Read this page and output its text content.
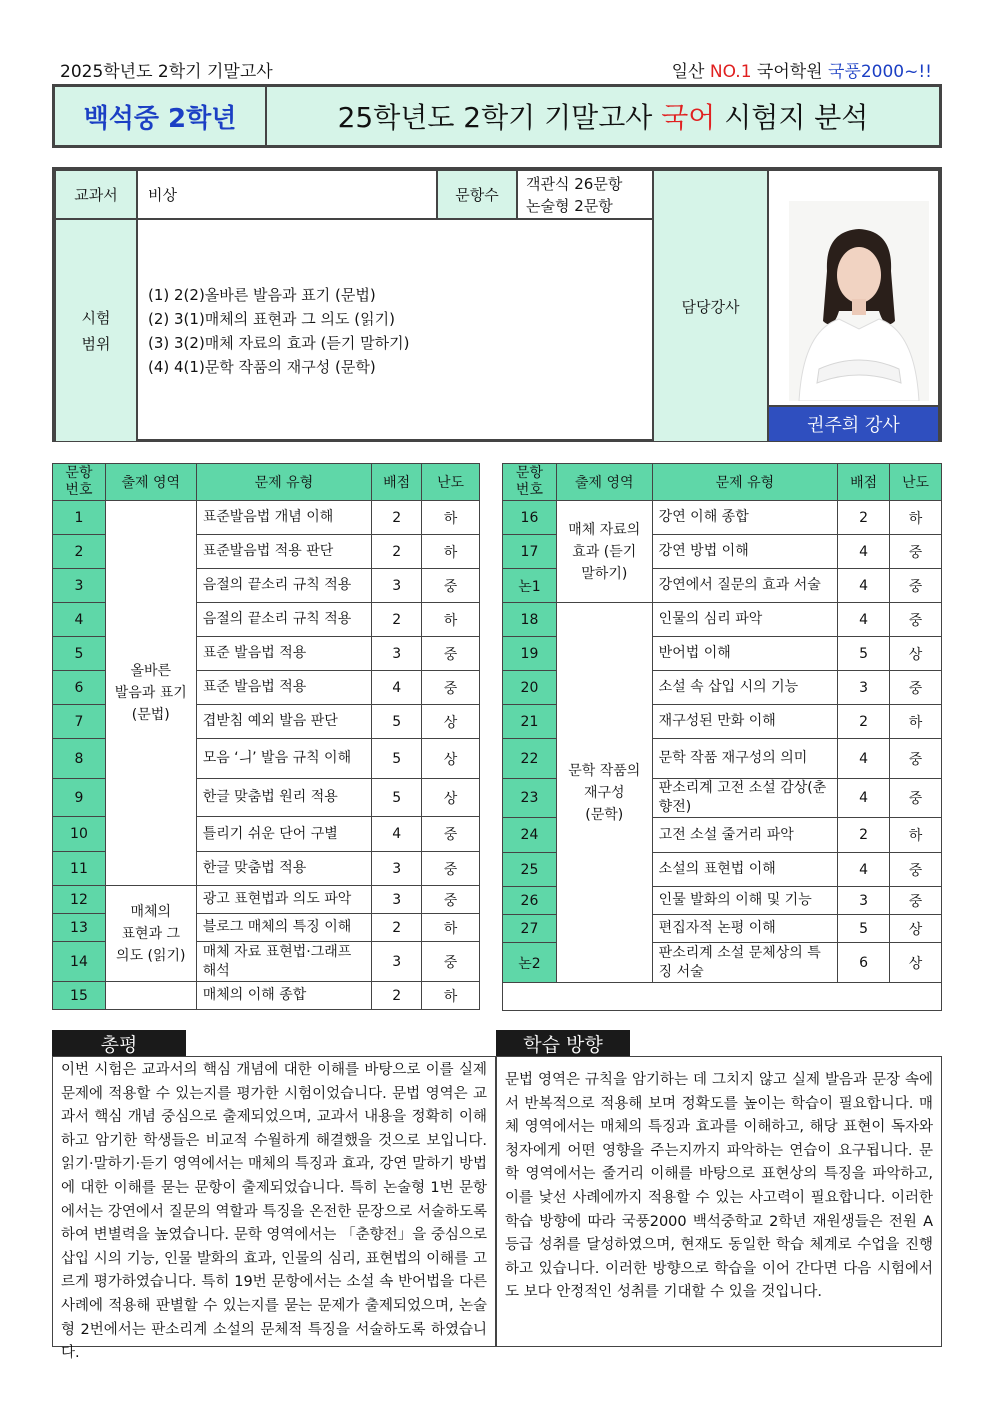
2025학년도 2학기 기말고사	일산 NO.1 국어학원 국풍2000~!!
백석중 2학년	25학년도 2학기 기말고사
국어
시험지 분석
교과서	비상	문항수
객관식 26문항
논술형 2문항
시험
범위
(1) 2(2)올바른 발음과 표기 (문법)
(2) 3(1)매체의 표현과 그 의도 (읽기)
(3) 3(2)매체 자료의 효과 (듣기 말하기)
(4) 4(1)문학 작품의 재구성 (문학)
담당강사
권주희 강사
문항
번호	출제 영역	문제 유형	배점	난도
1	올바른
발음과 표기
(문법)	표준발음법 개념 이해	2	하
2		표준발음법 적용 판단	2	하
3		음절의 끝소리 규칙 적용	3	중
4		음절의 끝소리 규칙 적용	2	하
5		표준 발음법 적용	3	중
6		표준 발음법 적용	4	중
7		겹받침 예외 발음 판단	5	상
8		모음 ‘ㅢ’ 발음 규칙 이해	5	상
9		한글 맞춤법 원리 적용	5	상
10		틀리기 쉬운 단어 구별	4	중
11		한글 맞춤법 적용	3	중
12	매체의
표현과 그
의도 (읽기)	광고 표현법과 의도 파악	3	중
13		블로그 매체의 특징 이해	2	하
14		매체 자료 표현법·그래프 해석	3	중
15		매체의 이해 종합	2	하
문항
번호	출제 영역	문제 유형	배점	난도
16	매체 자료의
효과 (듣기
말하기)	강연 이해 종합	2	하
17		강연 방법 이해	4	중
논1		강연에서 질문의 효과 서술	4	중
18	문학 작품의
재구성
(문학)	인물의 심리 파악	4	중
19		반어법 이해	5	상
20		소설 속 삽입 시의 기능	3	중
21		재구성된 만화 이해	2	하
22		문학 작품 재구성의 의미	4	중
23		판소리계 고전 소설 감상(춘향전)	4	중
24		고전 소설 줄거리 파악	2	하
25		소설의 표현법 이해	4	중
26		인물 발화의 이해 및 기능	3	중
27		편집자적 논평 이해	5	상
논2		판소리계 소설 문체상의 특징 서술	6	상

총평
이번 시험은 교과서의 핵심 개념에 대한 이해를 바탕으로 이를 실제 문제에 적용할 수 있는지를 평가한 시험이었습니다. 문법 영역은 교과서 핵심 개념 중심으로 출제되었으며, 교과서 내용을 정확히 이해하고 암기한 학생들은 비교적 수월하게 해결했을 것으로 보입니다. 읽기·말하기·듣기 영역에서는 매체의 특징과 효과, 강연 말하기 방법에 대한 이해를 묻는 문항이 출제되었습니다. 특히 논술형 1번 문항에서는 강연에서 질문의 역할과 특징을 온전한 문장으로 서술하도록 하여 변별력을 높였습니다. 문학 영역에서는 「춘향전」을 중심으로 삽입 시의 기능, 인물 발화의 효과, 인물의 심리, 표현법의 이해를 고르게 평가하였습니다. 특히 19번 문항에서는 소설 속 반어법을 다른 사례에 적용해 판별할 수 있는지를 묻는 문제가 출제되었으며, 논술형 2번에서는 판소리계 소설의 문체적 특징을 서술하도록 하였습니다.
학습 방향
문법 영역은 규칙을 암기하는 데 그치지 않고 실제 발음과 문장 속에서 반복적으로 적용해 보며 정확도를 높이는 학습이 필요합니다. 매체 영역에서는 매체의 특징과 효과를 이해하고, 해당 표현이 독자와 청자에게 어떤 영향을 주는지까지 파악하는 연습이 요구됩니다. 문학 영역에서는 줄거리 이해를 바탕으로 표현상의 특징을 파악하고, 이를 낯선 사례에까지 적용할 수 있는 사고력이 필요합니다. 이러한 학습 방향에 따라 국풍2000 백석중학교 2학년 재원생들은 전원 A등급 성취를 달성하였으며, 현재도 동일한 학습 체계로 수업을 진행하고 있습니다. 이러한 방향으로 학습을 이어 간다면 다음 시험에서도 보다 안정적인 성취를 기대할 수 있을 것입니다.
